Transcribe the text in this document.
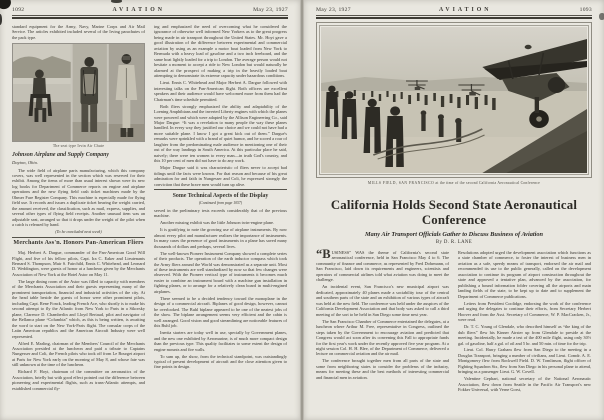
1092	AVIATION	May 23, 1927

standard equipment for the Army, Navy, Marine Corps and Air Mail Service. The articles exhibited included several of the Irving parachutes of the pack type.

The seat type Irvin Air Chute
Johnson Airplane and Supply Company
Dayton, Ohio.

The wide field of airplane parts manufacturing, which this company covers, was well represented in the section which was reserved for their exhibit. Among the items of more than usual interest shown were its new log books for Department of Commerce reports on engine and airplane operations and the new flying field cash ticket machines made by the Ohmer Fare Register Company. This machine is especially made for flying field use. It records and issues a duplicate ticket bearing the weight carried, the amount received, the classification, such as mail, express, supplies, and several other types of flying field receipts. Another unusual item was an adjustable seat, arranged so that it drops under the weight of the pilot when a catch is released by hand.

(To be concluded next week)
Merchants Ass'n. Honors Pan-American Fliers

Maj. Herbert A. Dargue, commander of the Pan-American Good Will Flight, and five of his fellow pilots, Capt. Ira C. Eaker and Lieutenants Bernard S. Thompson, Muir S. Fairchild, Ennis C. Whitehead, and Leonard D. Weddington, were guests of honor at a luncheon given by the Merchants Association of New York at the Hotel Astor on May 11.

The large dining room of the Astor was filled to capacity with members of the Merchants Association and their guests representing many of the prominent transportation, financial and industrial activities of the city. At the head table beside the guests of honor were other prominent pilots, including Capt. Rene Fonck, leading French Ace, who shortly is to make his second attempt to fly the Atlantic from New York to Paris in a Sikorsky plane, Clarence D. Chamberlin and Lloyd Bertaud, pilot and navigator of the Bellanca plane “Columbia” which, as this is being written, is awaiting the word to start on the New York-Paris flight. The consular corps of the Latin American republics and the American Aircraft Industry were well represented.

Alfred E. Marling, chairman of the Members' Council of the Merchants Association presided at the luncheon and paid a tribute to Captains Nungesser and Coli, the French pilots who took off from Le Bourget airport at Paris for New York early on the morning of May 8, and whose fate was still unknown at the time of the luncheon.

Richard F. Hoyt, chairman of the committee on aeronautics of the Association, briefly but with good effect pointed out the difference between pioneering and experimental flights, such as trans-Atlantic attempts, and established commercial fly-

ing and emphasized the need of overcoming what he considered the ignorance of otherwise well informed New Yorkers as to the great progress being made in air transport throughout the United States. Mr. Hoyt gave a good illustration of the difference between experimental and commercial aviation by using as an example a motor boat loaded from New York to Bermuda with a heavy load of gasoline and a two inch freeboard, and the same boat lightly loaded for a trip to London. The average person would not hesitate a moment to accept a ride to New London but would naturally be alarmed at the prospect of making a trip in the heavily loaded boat attempting to demonstrate its extreme capacity under hazardous conditions.

Lieut. Ennis C. Whitehead and Major Herbert A. Dargue followed with interesting talks on the Pan-American flight. Both officers are excellent speakers and their audience would have welcomed more from them had the Chairman's time schedule permitted.

Both fliers strongly emphasized the ability and adaptability of the Loening Amphibians and the inverted Liberty engines with which the planes were powered and which were adapted by the Allison Engineering Co., said Major Dargue: “It was a revelation to many people the way these planes handled. In every way they justified our choice and we could not have had a more suitable plane. I know I got a great kick out of them.” Dargue's remarks were sprinkled with a brand of quiet humor, and he scored a roar of laughter from the predominating male audience in mentioning one of their out of the way landings in South America. At this particular place he said, naively; there were ten women to every man—in truth God's country, and this 10 per cent of men did not have to do any work.

Major Dargue said it was characteristic of fliers never to accept bad tidings until the facts were known. For that reason and because of his great admiration for and faith in Nungesser and Coli, he expressed strongly the conviction that these brave men would turn up alive.

Some Technical Aspects of the Display
(Continued from page 1057)

served in the preliminary tests exceeds considerably that of the previous machine.

Another missing exhibit was the little Johnson twin-engine plane.

It is gratifying to note the growing use of airplane instruments. By now almost every pilot and manufacturer realizes the importance of instruments. In many cases the presence of good instruments in a plane has saved many thousands of dollars and perhaps, several lives.

The well-known Pioneer Instrument Company showed a complete series of their products. The operation of the earth inductor compass which took the Army fliers around the World was demonstrated as a separate unit. Most of these instruments are well standardized by now so that few changes were observed. With the Pioneer vertical type of instruments it becomes much easier to combine an instrument board with a machine gun installation in fighting planes, or to arrange for a relatively clean board in multi-engined airplanes.

There seemed to be a decided tendency toward the monoplane in the design of a commercial aircraft. Biplanes of good design, however, cannot be overlooked. The Buhl biplane appeared to be one of the neatest jobs of the show. The biplane arrangement seems very efficient and the cabin is well arranged. Good vision and good streamlining are noticeable features of this Buhl job.

Inertia starters are today well in use, specially by Government planes, and the new one exhibited by Aeromarine, is of much more compact design than the previous type. This quality facilitates to some extent the design of engine mounts and fire walls.

To sum up, the show, from the technical standpoint, was outstandingly typical of present development of aircraft and the close attention given to fine points in design.

May 23, 1927	AVIATION	1093
MILLS FIELD, SAN FRANCISCO at the time of the second California Aeronautical Conference
California Holds Second State Aeronautical Conference
Many Air Transport Officials Gather to Discuss Business of Aviation
By D. R. LANE

“BUSINESS” WAS the theme of California's second state aeronautical conference, held in San Francisco May 4 to 6. The community of finance and commerce, as represented by Fred Dohrmann, of San Francisco, laid down its requirements and engineers, scientists and operators of commercial airlines told what aviation was doing to meet the challenge.

An incidental event, San Francisco's new municipal airport was dedicated, approximately 40 planes made a sociability tour of the central and southern parts of the state and an exhibition of various types of aircraft was held at the new field. The conference was held under the auspices of the California Development Association and that body was asked to call a third meeting of the sort to be held in San Diego some time next year.

The San Francisco Chamber of Commerce entertained the delegates, at a luncheon where Arthur M. Free, representative in Congress, outlined the steps taken by the Government to encourage aviation and predicted that Congress would act soon after its convening this Fall to appropriate funds for the first year's work under the recently approved five year program. At a night session Col. H. H. Blee, of the Department of Commerce, delivered a lecture on commercial aviation and the air mail.

The conference brought together men from all parts of the state and some from neighboring states to consider the problems of the industry, means for meeting these and the best methods of interesting commercial and financial men in aviation.

Resolutions adopted urged the development association which functions as a state chamber of commerce, to foster the interest of business men in aviation as a safe, speedy means of transport, endorsed the air mail and recommended its use to the public generally, called on the development association to continue its program of airport construction throughout the state and approved a tentative plan, advanced by the association, for publishing a bound information folder covering all the airports and main landing fields of the state, to be kept up to date and to supplement the Department of Commerce publications.

Letters from President Coolidge, endorsing the work of the conference and urging the delegates to continue their efforts, from Secretary Herbert Hoover and from the Asst. Secretary of Commerce, W. P. MacCracken, Jr., were read.

Dr. T. C. Young of Glendale, who described himself as “the king of the dub fliers” flew his Kinner Airster up from Glendale to preside at the meeting. Incidentally, he made a test of the 400 mile flight, using only 30½ gal. of gasoline, half a gal. of oil and 5 hr. and 50 min. of time for the trip.

Lieut. Col. Harry Graham flew from San Diego to the meeting in a Douglas Transport, bringing a number of civilians, and Lieut. Comdr. A. E. Montgomery flew from Rockwell Field. D. W. Tomlinson, flight officer of Fighting Squadron Six, flew from San Diego in his personal plane to attend, bringing as a passenger Lieut. G. W. Covell.

Valentine Gephart, national secretary of the National Aeronautic Association, flew down from Seattle in the Pacific Air Transport's new Fokker Universal, with Verne Gorst,
